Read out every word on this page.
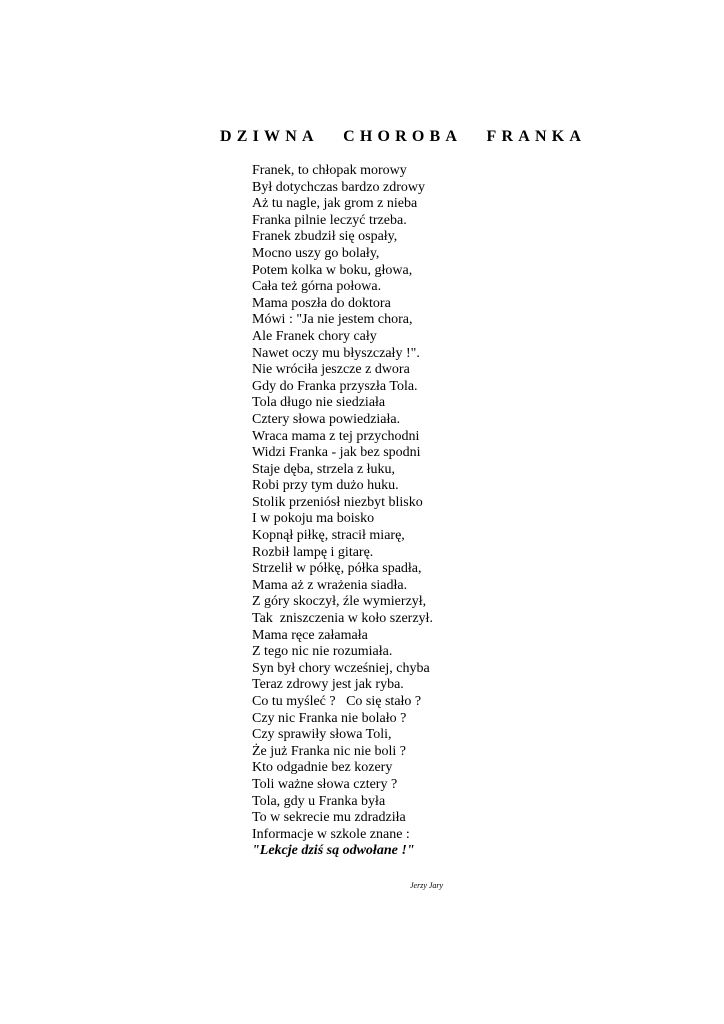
DZIWNA CHOROBA FRANKA
Franek, to chłopak morowy
Był dotychczas bardzo zdrowy
Aż tu nagle, jak grom z nieba
Franka pilnie leczyć trzeba.
Franek zbudził się ospały,
Mocno uszy go bolały,
Potem kolka w boku, głowa,
Cała też górna połowa.
Mama poszła do doktora
Mówi : "Ja nie jestem chora,
Ale Franek chory cały
Nawet oczy mu błyszczały !".
Nie wróciła jeszcze z dwora
Gdy do Franka przyszła Tola.
Tola długo nie siedziała
Cztery słowa powiedziała.
Wraca mama z tej przychodni
Widzi Franka - jak bez spodni
Staje dęba, strzela z łuku,
Robi przy tym dużo huku.
Stolik przeniósł niezbyt blisko
I w pokoju ma boisko
Kopnął piłkę, stracił miarę,
Rozbił lampę i gitarę.
Strzelił w półkę, półka spadła,
Mama aż z wrażenia siadła.
Z góry skoczył, źle wymierzył,
Tak  zniszczenia w koło szerzył.
Mama ręce załamała
Z tego nic nie rozumiała.
Syn był chory wcześniej, chyba
Teraz zdrowy jest jak ryba.
Co tu myśleć ?   Co się stało ?
Czy nic Franka nie bolało ?
Czy sprawiły słowa Toli,
Że już Franka nic nie boli ?
Kto odgadnie bez kozery
Toli ważne słowa cztery ?
Tola, gdy u Franka była
To w sekrecie mu zdradziła
Informacje w szkole znane :
"Lekcje dziś są odwołane !"
Jerzy Jary
